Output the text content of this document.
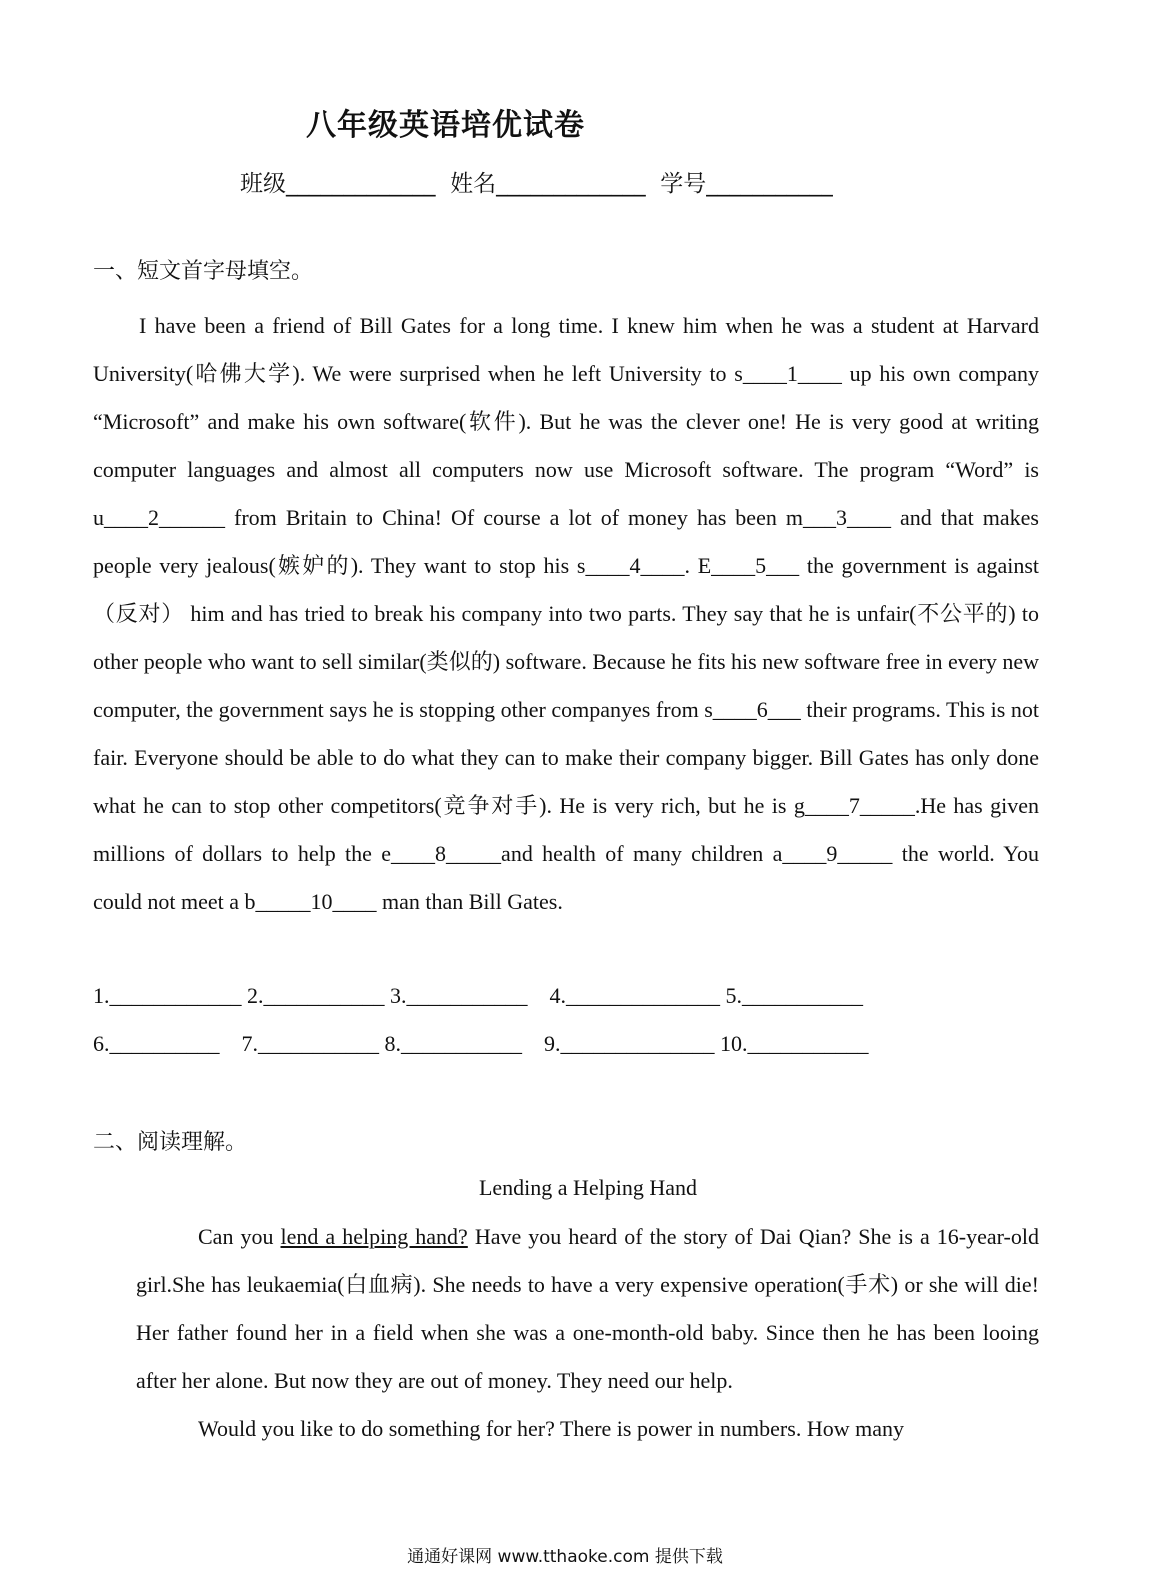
八年级英语培优试卷
班级_____________  姓名_____________  学号___________
一、短文首字母填空。

I have been a friend of Bill Gates for a long time. I knew him when he was a student at Harvard University(哈佛大学). We were surprised when he left University to s____1____ up his own company “Microsoft” and make his own software(软件). But he was the clever one! He is very good at writing computer languages and almost all computers now use Microsoft software. The program “Word” is u____2______ from Britain to China! Of course a lot of money has been m___3____ and that makes people very jealous(嫉妒的). They want to stop his s____4____. E____5___ the government is against（反对） him and has tried to break his company into two parts. They say that he is unfair(不公平的) to other people who want to sell similar(类似的) software. Because he fits his new software free in every new computer, the government says he is stopping other companyes from s____6___ their programs. This is not fair. Everyone should be able to do what they can to make their company bigger. Bill Gates has only done what he can to stop other competitors(竞争对手). He is very rich, but he is g____7_____.He has given millions of dollars to help the e____8_____and health of many children a____9_____ the world. You could not meet a b_____10____ man than Bill Gates.

1.____________ 2.___________ 3.___________    4.______________ 5.___________
6.__________    7.___________ 8.___________    9.______________ 10.___________
二、阅读理解。
Lending a Helping Hand

Can you lend a helping hand? Have you heard of the story of Dai Qian? She is a 16-year-old girl.She has leukaemia(白血病). She needs to have a very expensive operation(手术) or she will die! Her father found her in a field when she was a one-month-old baby. Since then he has been looing after her alone. But now they are out of money. They need our help.

Would you like to do something for her? There is power in numbers. How many

通通好课网 www.tthaoke.com 提供下载
